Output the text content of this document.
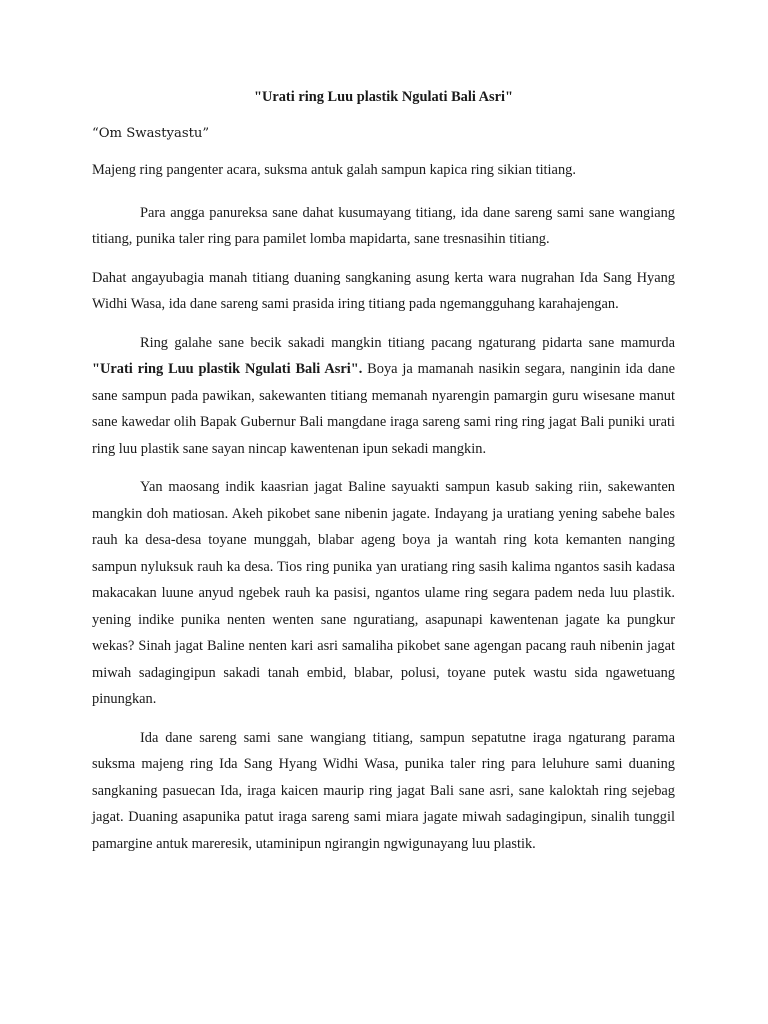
"Urati ring Luu plastik Ngulati Bali Asri"
“Om Swastyastu”

Majeng ring pangenter acara, suksma antuk galah sampun kapica ring sikian titiang.

Para angga panureksa sane dahat kusumayang titiang, ida dane sareng sami sane wangiang titiang, punika taler ring para pamilet lomba mapidarta, sane tresnasihin titiang.

Dahat angayubagia manah titiang duaning sangkaning asung kerta wara nugrahan Ida Sang Hyang Widhi Wasa, ida dane sareng sami prasida iring titiang pada ngemangguhang karahajengan.

Ring galahe sane becik sakadi mangkin titiang pacang ngaturang pidarta sane mamurda "Urati ring Luu plastik Ngulati Bali Asri". Boya ja mamanah nasikin segara, nanginin ida dane sane sampun pada pawikan, sakewanten titiang memanah nyarengin pamargin guru wisesane manut sane kawedar olih Bapak Gubernur Bali mangdane iraga sareng sami ring ring jagat Bali puniki urati ring luu plastik sane sayan nincap kawentenan ipun sekadi mangkin.

Yan maosang indik kaasrian jagat Baline sayuakti sampun kasub saking riin, sakewanten mangkin doh matiosan. Akeh pikobet sane nibenin jagate. Indayang ja uratiang yening sabehe bales rauh ka desa-desa toyane munggah, blabar ageng boya ja wantah ring kota kemanten nanging sampun nyluksuk rauh ka desa. Tios ring punika yan uratiang ring sasih kalima ngantos sasih kadasa makacakan luune anyud ngebek rauh ka pasisi, ngantos ulame ring segara padem neda luu plastik. yening indike punika nenten wenten sane nguratiang, asapunapi kawentenan jagate ka pungkur wekas? Sinah jagat Baline nenten kari asri samaliha pikobet sane agengan pacang rauh nibenin jagat miwah sadagingipun sakadi tanah embid, blabar, polusi, toyane putek wastu sida ngawetuang pinungkan.

Ida dane sareng sami sane wangiang titiang, sampun sepatutne iraga ngaturang parama suksma majeng ring Ida Sang Hyang Widhi Wasa, punika taler ring para leluhure sami duaning sangkaning pasuecan Ida, iraga kaicen maurip ring jagat Bali sane asri, sane kaloktah ring sejebag jagat. Duaning asapunika patut iraga sareng sami miara jagate miwah sadagingipun, sinalih tunggil pamargine antuk mareresik, utaminipun ngirangin ngwigunayang luu plastik.
